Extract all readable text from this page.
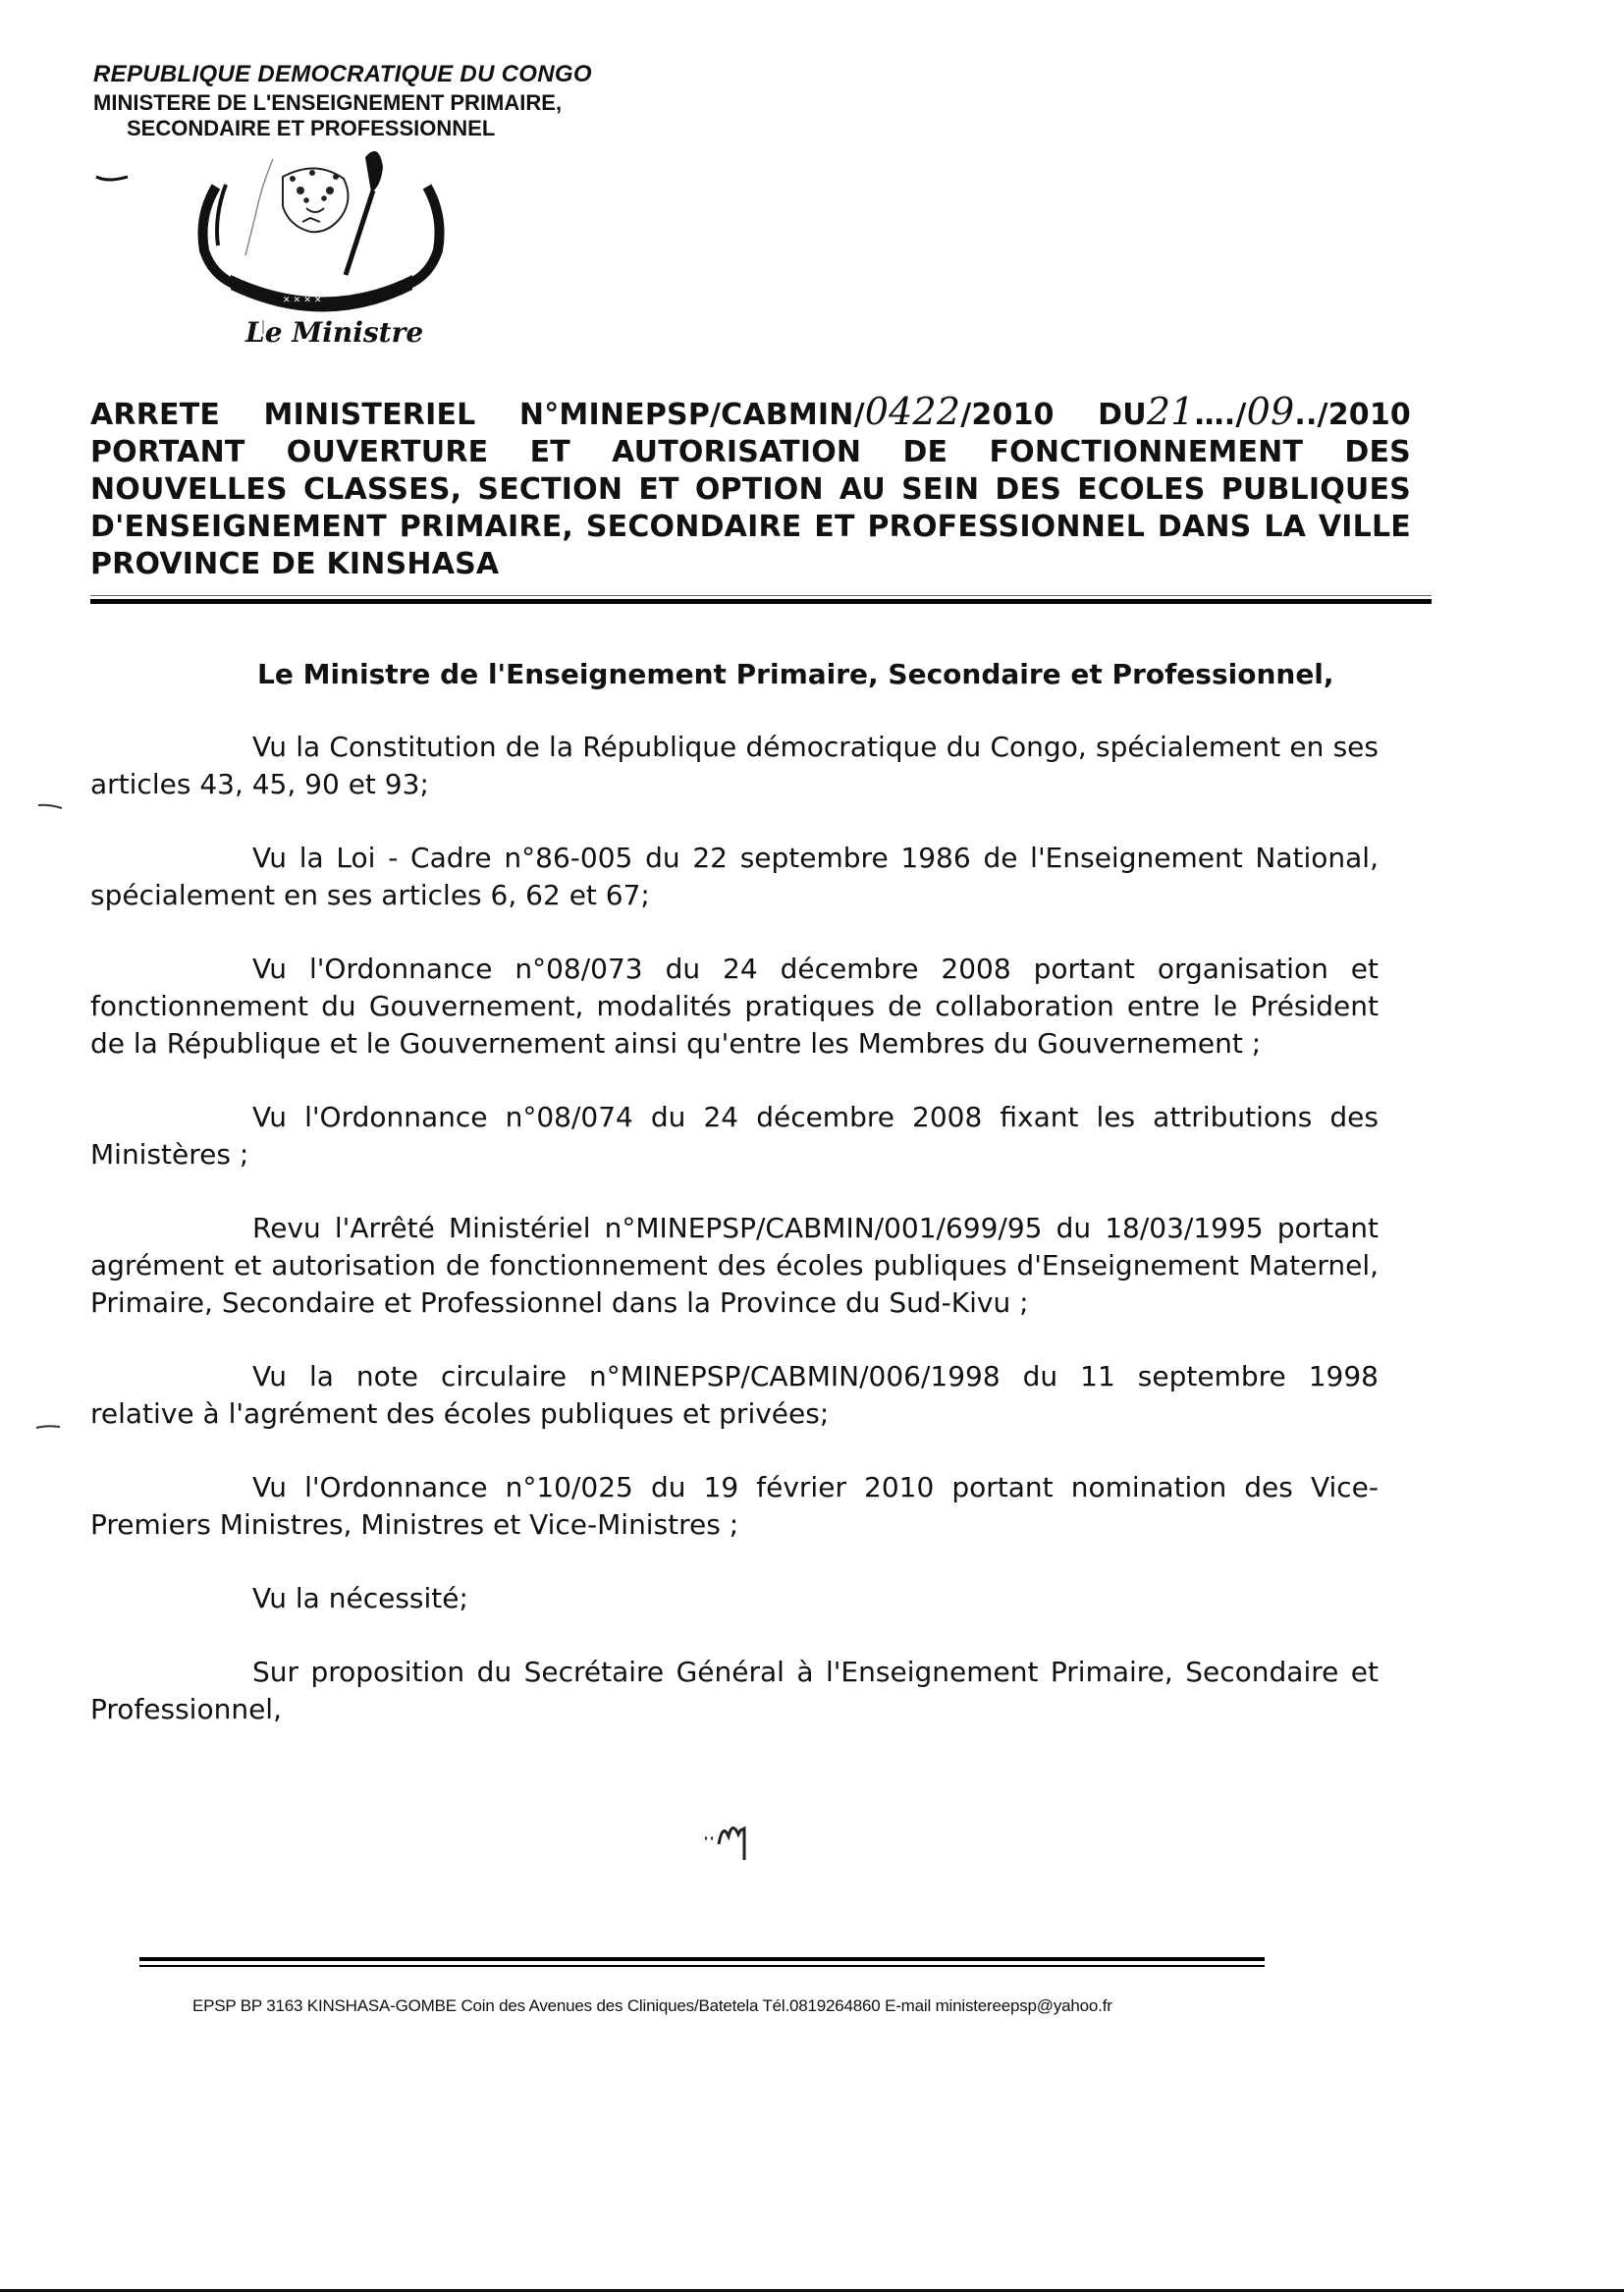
REPUBLIQUE DEMOCRATIQUE DU CONGO
MINISTERE DE L'ENSEIGNEMENT PRIMAIRE,
SECONDAIRE ET PROFESSIONNEL
✕ ✕ ✕ ✕
Le Ministre
ARRETE MINISTERIEL N°MINEPSP/CABMIN/0422/2010 DU21…./09../2010
PORTANT OUVERTURE ET AUTORISATION DE FONCTIONNEMENT DES NOUVELLES CLASSES, SECTION ET OPTION AU SEIN DES ECOLES PUBLIQUES D'ENSEIGNEMENT PRIMAIRE, SECONDAIRE ET PROFESSIONNEL DANS LA VILLE PROVINCE DE KINSHASA
Le Ministre de l'Enseignement Primaire, Secondaire et Professionnel,

Vu la Constitution de la République démocratique du Congo, spécialement en ses articles 43, 45, 90 et 93;

Vu la Loi - Cadre n°86-005 du 22 septembre 1986 de l'Enseignement National, spécialement en ses articles 6, 62 et 67;

Vu l'Ordonnance n°08/073 du 24 décembre 2008 portant organisation et fonctionnement du Gouvernement, modalités pratiques de collaboration entre le Président de la République et le Gouvernement ainsi qu'entre les Membres du Gouvernement ;

Vu l'Ordonnance n°08/074 du 24 décembre 2008 fixant les attributions des Ministères ;

Revu l'Arrêté Ministériel n°MINEPSP/CABMIN/001/699/95 du 18/03/1995 portant agrément et autorisation de fonctionnement des écoles publiques d'Enseignement Maternel, Primaire, Secondaire et Professionnel dans la Province du Sud-Kivu ;

Vu la note circulaire n°MINEPSP/CABMIN/006/1998 du 11 septembre 1998 relative à l'agrément des écoles publiques et privées;

Vu l'Ordonnance n°10/025 du 19 février 2010 portant nomination des Vice-Premiers Ministres, Ministres et Vice-Ministres ;

Vu la nécessité;

Sur proposition du Secrétaire Général à l'Enseignement Primaire, Secondaire et Professionnel,

EPSP BP 3163 KINSHASA-GOMBE Coin des Avenues des Cliniques/Batetela Tél.0819264860 E-mail ministereepsp@yahoo.fr
